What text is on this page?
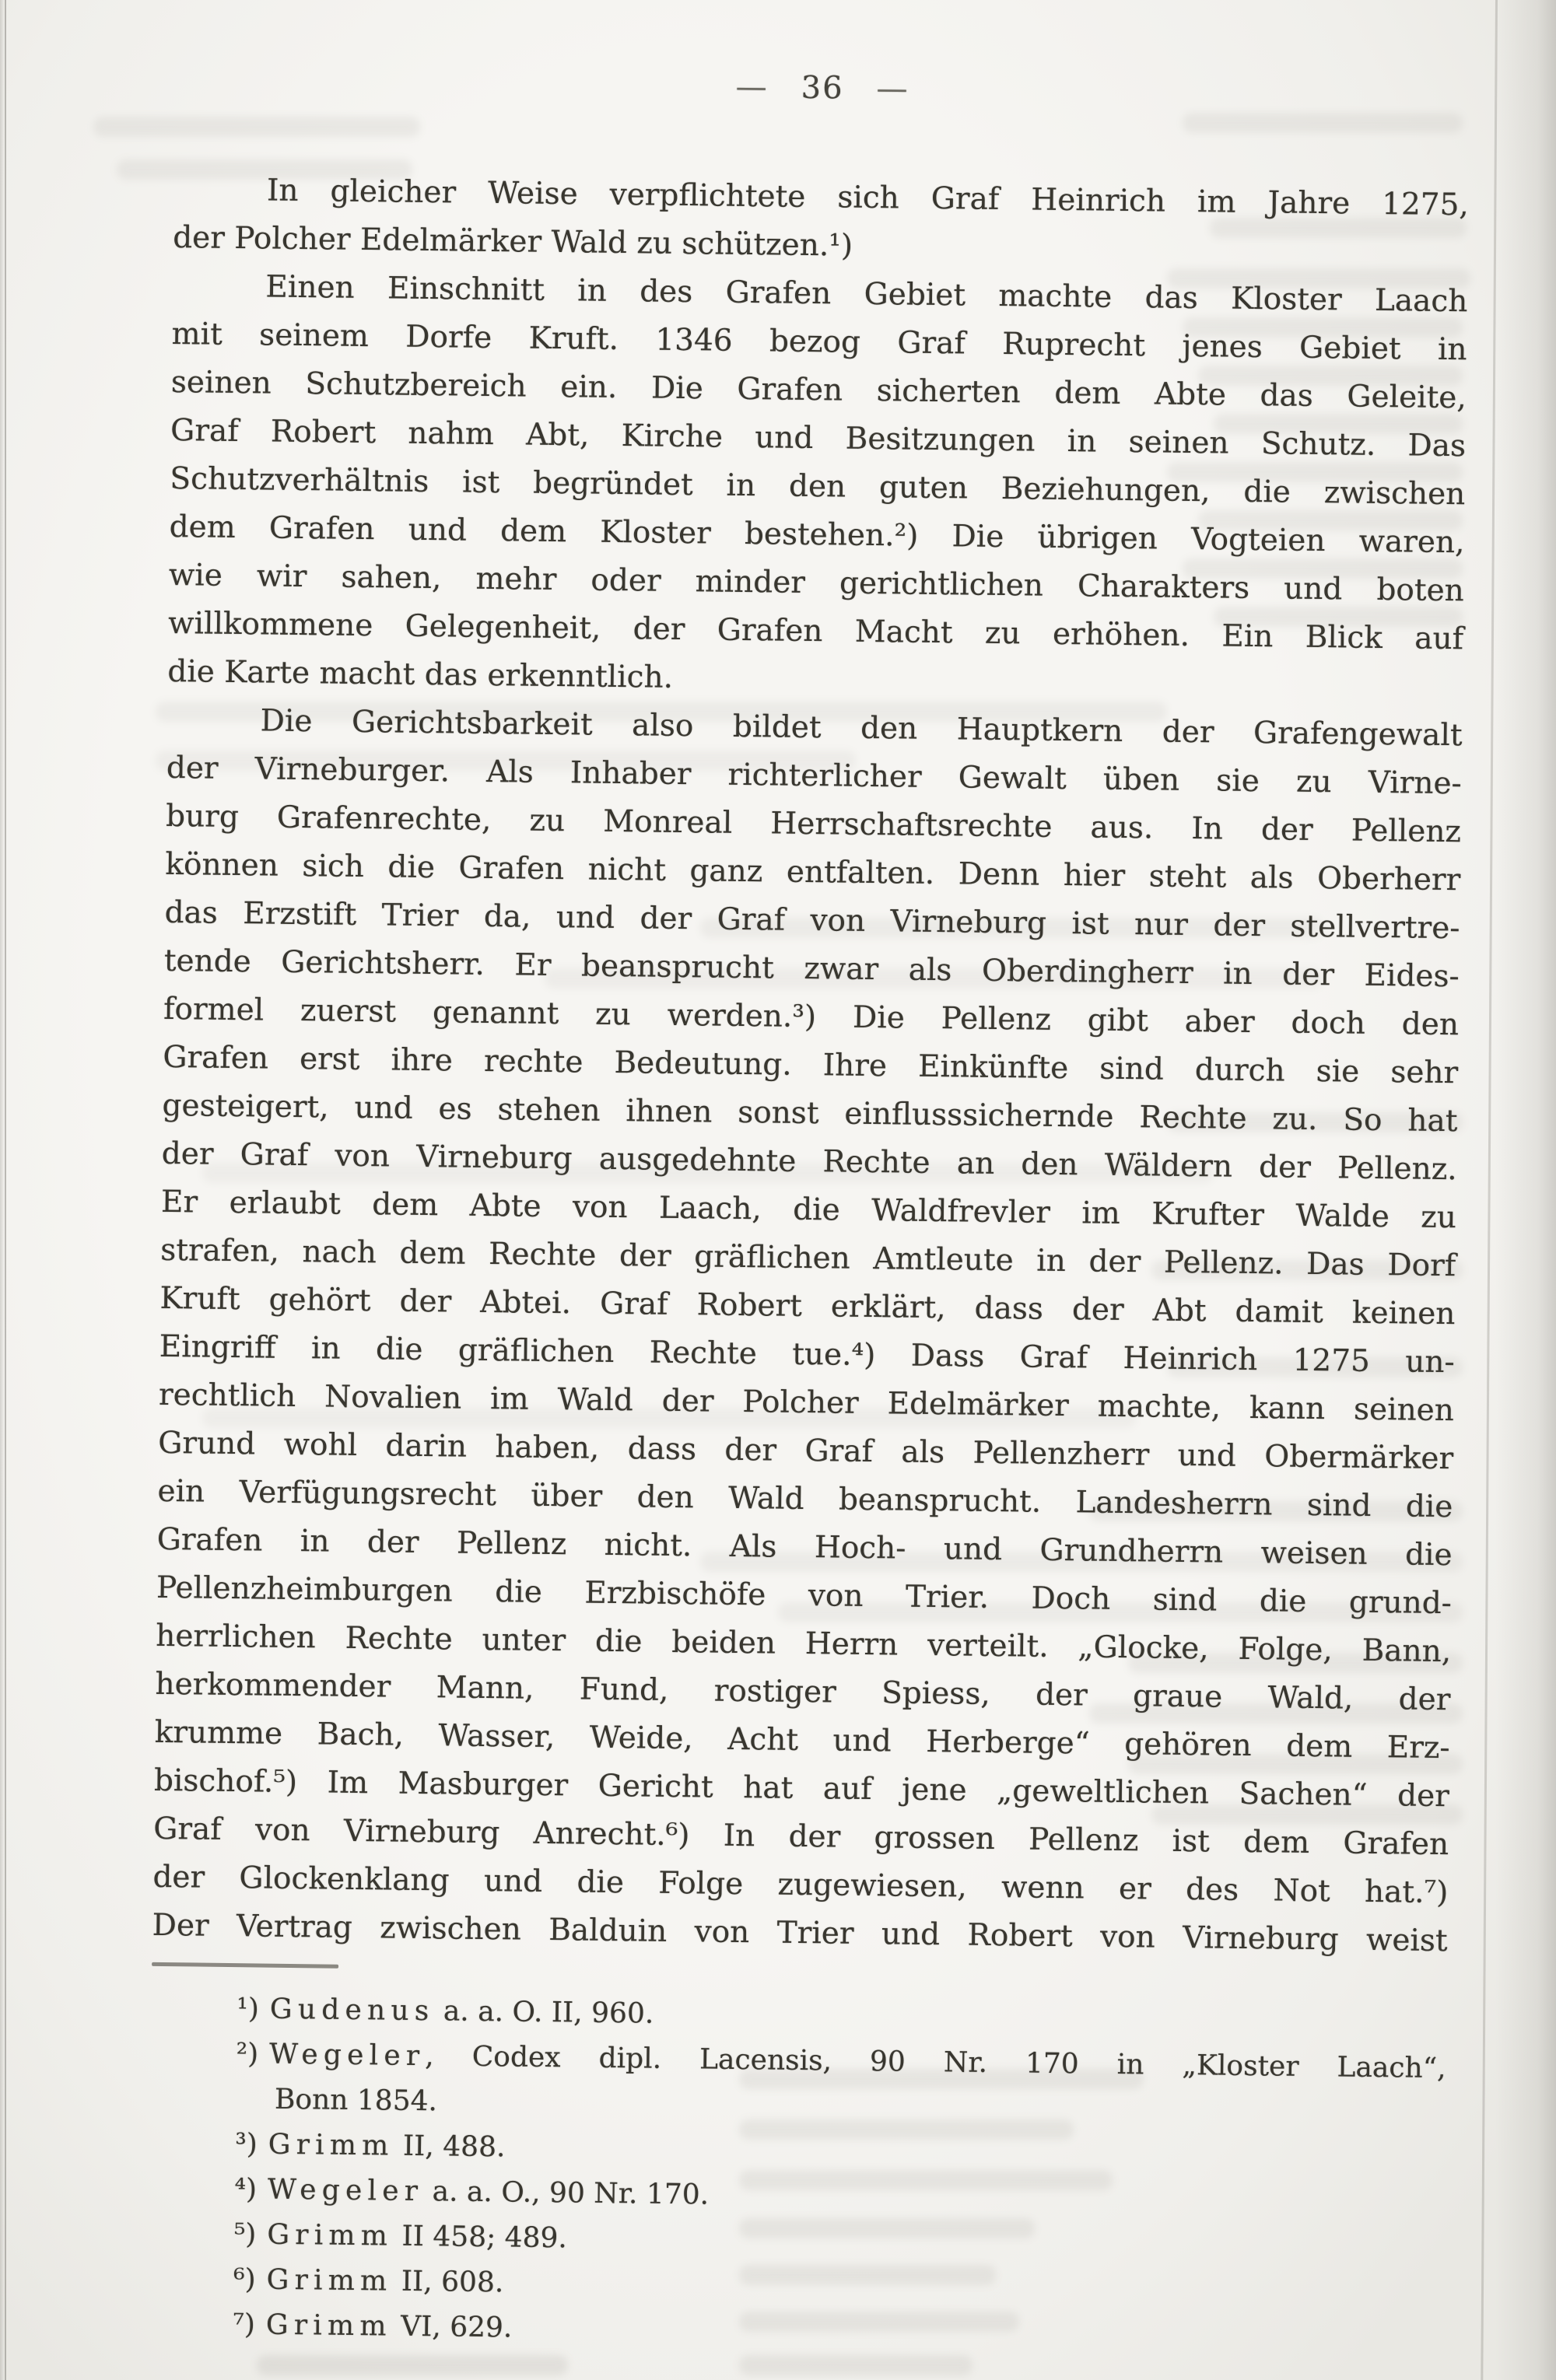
— 36 —
In gleicher Weise verpflichtete sich Graf Heinrich im Jahre 1275,
der Polcher Edelmärker Wald zu schützen.¹)
Einen Einschnitt in des Grafen Gebiet machte das Kloster Laach
mit seinem Dorfe Kruft. 1346 bezog Graf Ruprecht jenes Gebiet in
seinen Schutzbereich ein. Die Grafen sicherten dem Abte das Geleite,
Graf Robert nahm Abt, Kirche und Besitzungen in seinen Schutz. Das
Schutzverhältnis ist begründet in den guten Beziehungen, die zwischen
dem Grafen und dem Kloster bestehen.²) Die übrigen Vogteien waren,
wie wir sahen, mehr oder minder gerichtlichen Charakters und boten
willkommene Gelegenheit, der Grafen Macht zu erhöhen. Ein Blick auf
die Karte macht das erkenntlich.
Die Gerichtsbarkeit also bildet den Hauptkern der Grafengewalt
der Virneburger. Als Inhaber richterlicher Gewalt üben sie zu Virne-
burg Grafenrechte, zu Monreal Herrschaftsrechte aus. In der Pellenz
können sich die Grafen nicht ganz entfalten. Denn hier steht als Oberherr
das Erzstift Trier da, und der Graf von Virneburg ist nur der stellvertre-
tende Gerichtsherr. Er beansprucht zwar als Oberdingherr in der Eides-
formel zuerst genannt zu werden.³) Die Pellenz gibt aber doch den
Grafen erst ihre rechte Bedeutung. Ihre Einkünfte sind durch sie sehr
gesteigert, und es stehen ihnen sonst einflusssichernde Rechte zu. So hat
der Graf von Virneburg ausgedehnte Rechte an den Wäldern der Pellenz.
Er erlaubt dem Abte von Laach, die Waldfrevler im Krufter Walde zu
strafen, nach dem Rechte der gräflichen Amtleute in der Pellenz. Das Dorf
Kruft gehört der Abtei. Graf Robert erklärt, dass der Abt damit keinen
Eingriff in die gräflichen Rechte tue.⁴) Dass Graf Heinrich 1275 un-
rechtlich Novalien im Wald der Polcher Edelmärker machte, kann seinen
Grund wohl darin haben, dass der Graf als Pellenzherr und Obermärker
ein Verfügungsrecht über den Wald beansprucht. Landesherrn sind die
Grafen in der Pellenz nicht. Als Hoch- und Grundherrn weisen die
Pellenzheimburgen die Erzbischöfe von Trier. Doch sind die grund-
herrlichen Rechte unter die beiden Herrn verteilt. „Glocke, Folge, Bann,
herkommender Mann, Fund, rostiger Spiess, der graue Wald, der
krumme Bach, Wasser, Weide, Acht und Herberge“ gehören dem Erz-
bischof.⁵) Im Masburger Gericht hat auf jene „geweltlichen Sachen“ der
Graf von Virneburg Anrecht.⁶) In der grossen Pellenz ist dem Grafen
der Glockenklang und die Folge zugewiesen, wenn er des Not hat.⁷)
Der Vertrag zwischen Balduin von Trier und Robert von Virneburg weist
¹) Gudenus a. a. O. II, 960.
²) Wegeler, Codex dipl. Lacensis, 90 Nr. 170 in „Kloster Laach“,
Bonn 1854.
³) Grimm II, 488.
⁴) Wegeler a. a. O., 90 Nr. 170.
⁵) Grimm II 458; 489.
⁶) Grimm II, 608.
⁷) Grimm VI, 629.
